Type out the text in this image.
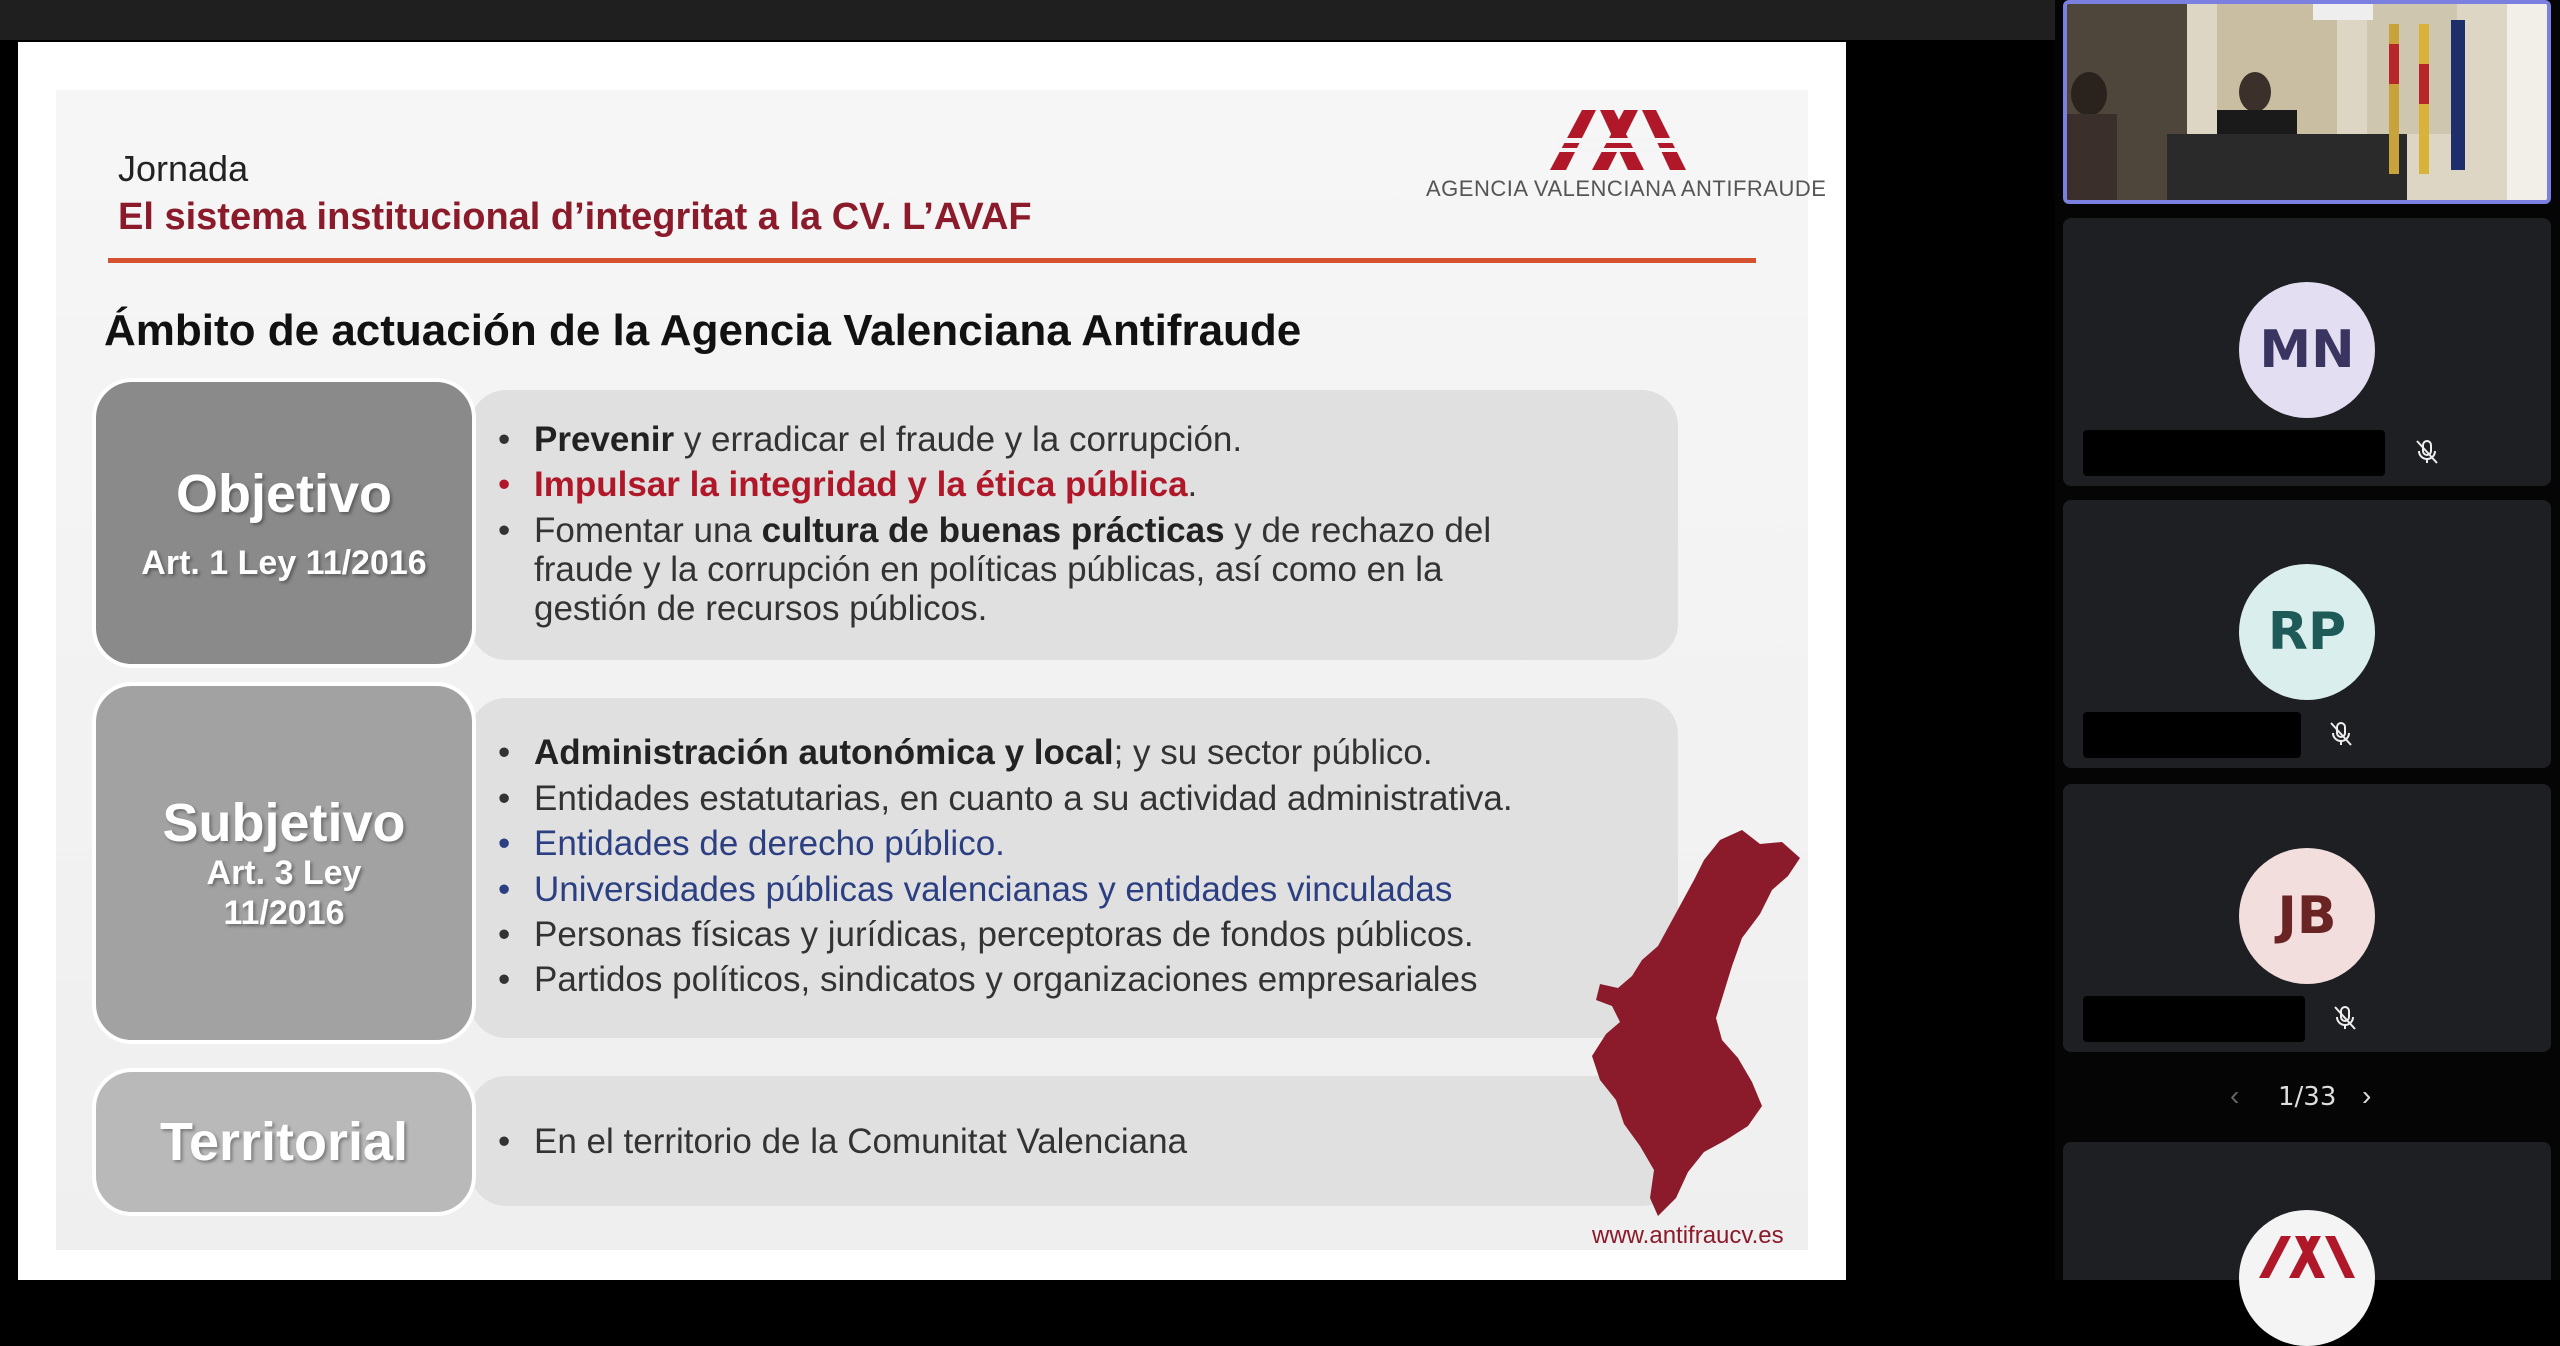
Jornada
El sistema institucional d’integritat a la CV. L’AVAF
AGENCIA VALENCIANA ANTIFRAUDE
Ámbito de actuación de la Agencia Valenciana Antifraude
Objetivo
Art. 1 Ley 11/2016
• Prevenir y erradicar el fraude y la corrupción.
• Impulsar la integridad y la ética pública.
• Fomentar una cultura de buenas prácticas y de rechazo del
fraude y la corrupción en políticas públicas, así como en la
gestión de recursos públicos.
Subjetivo
Art. 3 Ley
11/2016
• Administración autonómica y local; y su sector público.
• Entidades estatutarias, en cuanto a su actividad administrativa.
• Entidades de derecho público.
• Universidades públicas valencianas y entidades vinculadas
• Personas físicas y jurídicas, perceptoras de fondos públicos.
• Partidos políticos, sindicatos y organizaciones empresariales
Territorial	• En el territorio de la Comunitat Valenciana
www.antifraucv.es
MN
RP
JB
‹ 1/33 ›
